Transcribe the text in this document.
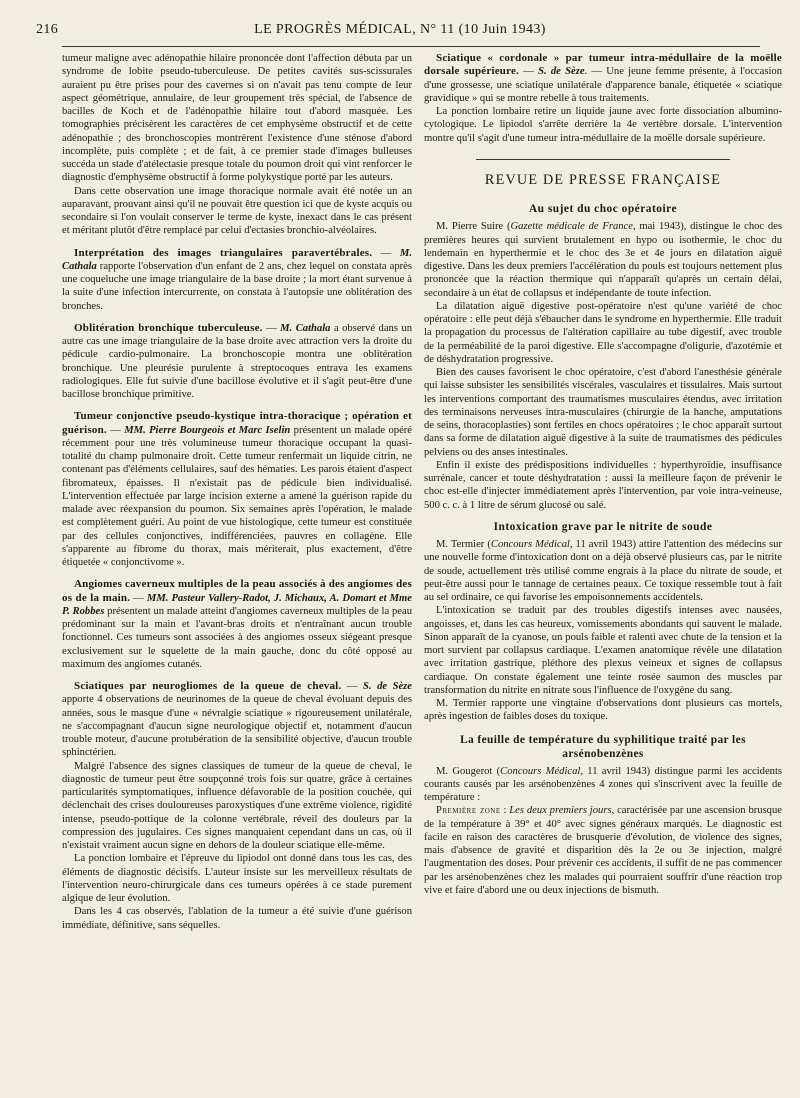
216	LE PROGRÈS MÉDICAL, N° 11 (10 Juin 1943)

tumeur maligne avec adénopathie hilaire prononcée dont l'affection débuta par un syndrome de lobite pseudo-tuberculeuse. De petites cavités sus-scissurales auraient pu être prises pour des cavernes si on n'avait pas tenu compte de leur aspect géométrique, annulaire, de leur groupement très spécial, de l'absence de bacilles de Koch et de l'adénopathie hilaire tout d'abord masquée. Les tomographies précisèrent les caractères de cet emphysème obstructif et de cette adénopathie ; des bronchoscopies montrèrent l'existence d'une sténose d'abord incomplète, puis complète ; et de fait, à ce premier stade d'images bulleuses succéda un stade d'atélectasie presque totale du poumon droit qui vint renforcer le diagnostic d'emphysème obstructif à forme polykystique porté par les auteurs.

Dans cette observation une image thoracique normale avait été notée un an auparavant, prouvant ainsi qu'il ne pouvait être question ici que de kyste acquis ou secondaire si l'on voulait conserver le terme de kyste, inexact dans le cas présent et méritant plutôt d'être remplacé par celui d'ectasies bronchio-alvéolaires.

Interprétation des images triangulaires paravertébrales. — M. Cathala rapporte l'observation d'un enfant de 2 ans, chez lequel on constata après une coqueluche une image triangulaire de la base droite ; la mort étant survenue à la suite d'une infection intercurrente, on constata à l'autopsie une oblitération des bronches.

Oblitération bronchique tuberculeuse. — M. Cathala a observé dans un autre cas une image triangulaire de la base droite avec attraction vers la droite du pédicule cardio-pulmonaire. La bronchoscopie montra une oblitération bronchique. Une pleurésie purulente à streptocoques entrava les examens radiologiques. Elle fut suivie d'une bacillose évolutive et il s'agit peut-être d'une bacillose bronchique primitive.

Tumeur conjonctive pseudo-kystique intra-thoracique ; opération et guérison. — MM. Pierre Bourgeois et Marc Iselin présentent un malade opéré récemment pour une très volumineuse tumeur thoracique occupant la quasi-totalité du champ pulmonaire droit. Cette tumeur renfermait un liquide citrin, ne contenant pas d'éléments cellulaires, sauf des hématies. Les parois étaient d'aspect fibromateux, épaisses. Il n'existait pas de pédicule bien individualisé. L'intervention effectuée par large incision externe a amené la guérison rapide du malade avec réexpansion du poumon. Six semaines après l'opération, le malade est complètement guéri. Au point de vue histologique, cette tumeur est constituée par des cellules conjonctives, indifférenciées, pauvres en collagène. Elle s'apparente au fibrome du thorax, mais mériterait, plus exactement, d'être étiquetée « conjonctivome ».

Angiomes caverneux multiples de la peau associés à des angiomes des os de la main. — MM. Pasteur Vallery-Radot, J. Michaux, A. Domart et Mme P. Robbes présentent un malade atteint d'angiomes caverneux multiples de la peau prédominant sur la main et l'avant-bras droits et n'entraînant aucun trouble fonctionnel. Ces tumeurs sont associées à des angiomes osseux siégeant presque exclusivement sur le squelette de la main gauche, donc du côté opposé au maximum des angiomes cutanés.

Sciatiques par neurogliomes de la queue de cheval. — S. de Sèze apporte 4 observations de neurinomes de la queue de cheval évoluant depuis des années, sous le masque d'une « névralgie sciatique » rigoureusement unilatérale, ne s'accompagnant d'aucun signe neurologique objectif et, notamment d'aucun trouble moteur, d'aucune protubération de la sensibilité objective, d'aucun trouble sphinctérien.

Malgré l'absence des signes classiques de tumeur de la queue de cheval, le diagnostic de tumeur peut être soupçonné trois fois sur quatre, grâce à certaines particularités symptomatiques, influence défavorable de la position couchée, qui déclenchait des crises douloureuses paroxystiques d'une extrême violence, rigidité intense, pseudo-pottique de la colonne vertébrale, réveil des douleurs par la compression des jugulaires. Ces signes manquaient cependant dans un cas, où il n'existait vraiment aucun signe en dehors de la douleur sciatique elle-même.

La ponction lombaire et l'épreuve du lipiodol ont donné dans tous les cas, des éléments de diagnostic décisifs. L'auteur insiste sur les merveilleux résultats de l'intervention neuro-chirurgicale dans ces tumeurs opérées à ce stade purement algique de leur évolution.

Dans les 4 cas observés, l'ablation de la tumeur a été suivie d'une guérison immédiate, définitive, sans séquelles.

Sciatique « cordonale » par tumeur intra-médullaire de la moëlle dorsale supérieure. — S. de Sèze. — Une jeune femme présente, à l'occasion d'une grossesse, une sciatique unilatérale d'apparence banale, étiquetée « sciatique gravidique » qui se montre rebelle à tous traitements.

La ponction lombaire retire un liquide jaune avec forte dissociation albumino-cytologique. Le lipiodol s'arrête derrière la 4e vertèbre dorsale. L'intervention montre qu'il s'agit d'une tumeur intra-médullaire de la moëlle dorsale supérieure.

REVUE DE PRESSE FRANÇAISE
Au sujet du choc opératoire

M. Pierre Suire (Gazette médicale de France, mai 1943), distingue le choc des premières heures qui survient brutalement en hypo ou isothermie, le choc du lendemain en hyperthermie et le choc des 3e et 4e jours en dilatation aiguë digestive. Dans les deux premiers l'accélération du pouls est toujours nettement plus prononcée que la réaction thermique qui n'apparaît qu'après un certain délai, secondaire à un état de collapsus et indépendante de toute infection.

La dilatation aiguë digestive post-opératoire n'est qu'une variété de choc opératoire : elle peut déjà s'ébaucher dans le syndrome en hyperthermie. Elle traduit la propagation du processus de l'altération capillaire au tube digestif, avec trouble de la perméabilité de la paroi digestive. Elle s'accompagne d'oligurie, d'azotémie et de déshydratation progressive.

Bien des causes favorisent le choc opératoire, c'est d'abord l'anesthésie générale qui laisse subsister les sensibilités viscérales, vasculaires et tissulaires. Mais surtout les interventions comportant des traumatismes musculaires étendus, avec irritation des terminaisons nerveuses intra-musculaires (chirurgie de la hanche, amputations de seins, thoracoplasties) sont fertiles en chocs opératoires ; le choc apparaît surtout dans sa forme de dilatation aiguë digestive à la suite de traumatismes des pédicules pelviens ou des anses intestinales.

Enfin il existe des prédispositions individuelles : hyperthyroïdie, insuffisance surrénale, cancer et toute déshydratation : aussi la meilleure façon de prévenir le choc est-elle d'injecter immédiatement après l'intervention, par voie intra-veineuse, 500 c. c. à 1 litre de sérum glucosé ou salé.

Intoxication grave par le nitrite de soude

M. Termier (Concours Médical, 11 avril 1943) attire l'attention des médecins sur une nouvelle forme d'intoxication dont on a déjà observé plusieurs cas, par le nitrite de soude, actuellement très utilisé comme engrais à la place du nitrate de soude, et peut-être aussi pour le tannage de certaines peaux. Ce toxique ressemble tout à fait au sel ordinaire, ce qui favorise les empoisonnements accidentels.

L'intoxication se traduit par des troubles digestifs intenses avec nausées, angoisses, et, dans les cas heureux, vomissements abondants qui sauvent le malade. Sinon apparaît de la cyanose, un pouls faible et ralenti avec chute de la tension et la mort survient par collapsus cardiaque. L'examen anatomique révèle une dilatation avec irritation gastrique, pléthore des plexus veineux et signes de collapsus cardiaque. On constate également une teinte rosée saumon des muscles par transformation du nitrite en nitrate sous l'influence de l'oxygène du sang.

M. Termier rapporte une vingtaine d'observations dont plusieurs cas mortels, après ingestion de faibles doses du toxique.

La feuille de température du syphilitique traité par les arsénobenzènes

M. Gougerot (Concours Médical, 11 avril 1943) distingue parmi les accidents courants causés par les arsénobenzènes 4 zones qui s'inscrivent avec la feuille de température :

Première zone : Les deux premiers jours, caractérisée par une ascension brusque de la température à 39° et 40° avec signes généraux marqués. Le diagnostic est facile en raison des caractères de brusquerie d'évolution, de violence des signes, mais d'absence de gravité et disparition dès la 2e ou 3e injection, malgré l'augmentation des doses. Pour prévenir ces accidents, il suffit de ne pas commencer par les arsénobenzènes chez les malades qui pourraient souffrir d'une réaction trop vive et faire d'abord une ou deux injections de bismuth.
